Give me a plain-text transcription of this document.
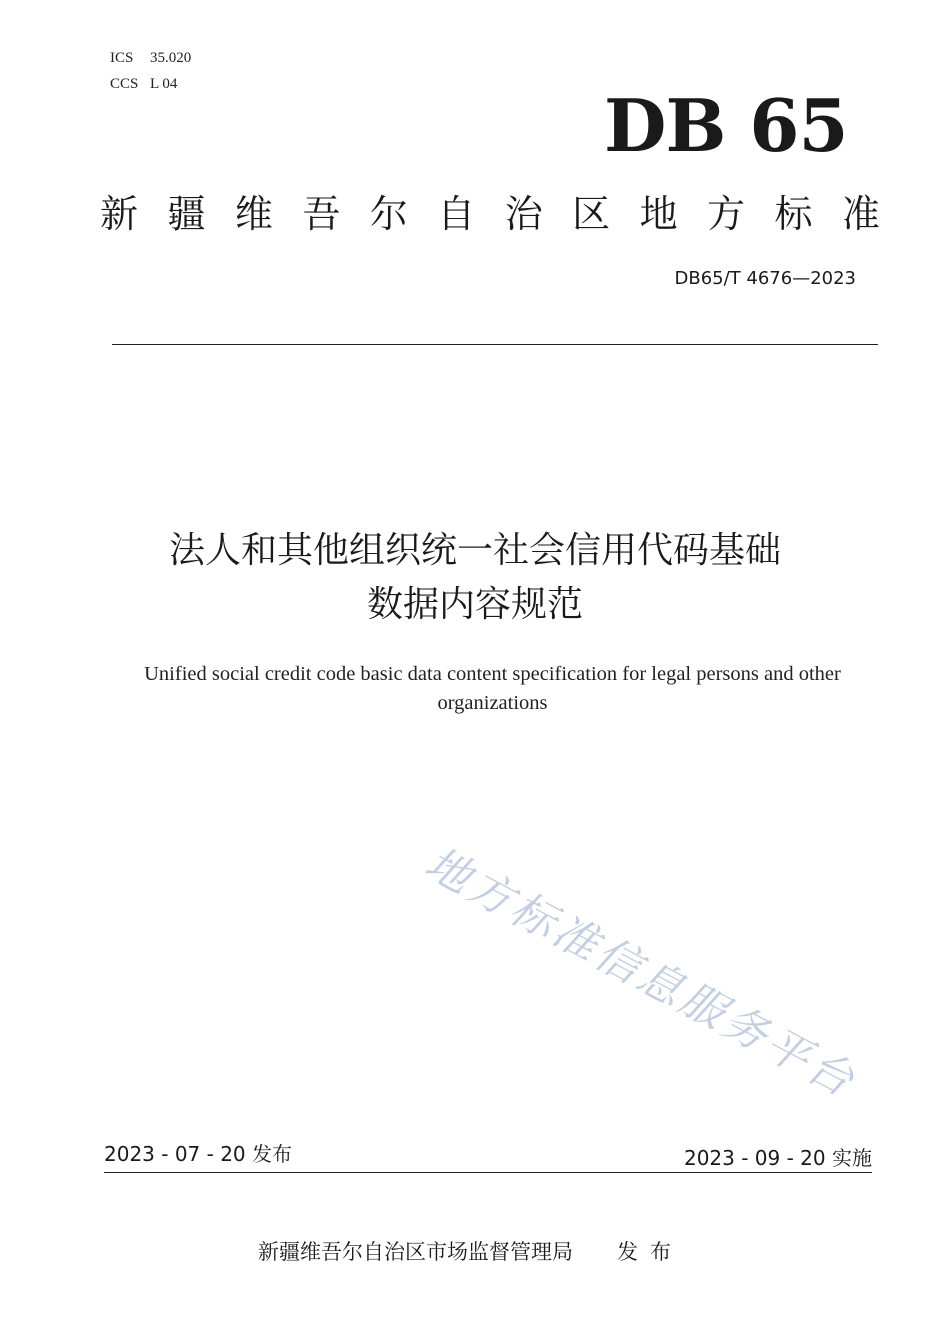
ICS 35.020
CCS L 04	DB 65
新 疆 维 吾 尔 自 治 区 地 方 标 准
DB65/T 4676—2023
法人和其他组织统一社会信用代码基础
数据内容规范
Unified social credit code basic data content specification for legal persons and other organizations
地方标准信息服务平台
2023 - 07 - 20 发布	2023 - 09 - 20 实施
新疆维吾尔自治区市场监督管理局 发布
